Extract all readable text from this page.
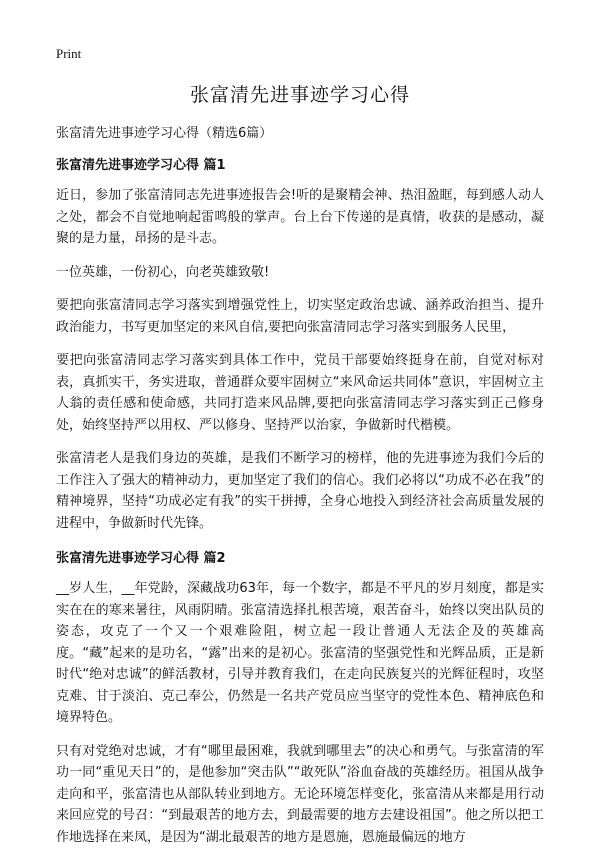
Print
张富清先进事迹学习心得
张富清先进事迹学习心得（精选6篇）
张富清先进事迹学习心得 篇1

近日，参加了张富清同志先进事迹报告会!听的是聚精会神、热泪盈眶，每到感人动人之处，都会不自觉地响起雷鸣般的掌声。台上台下传递的是真情，收获的是感动，凝聚的是力量，昂扬的是斗志。

一位英雄，一份初心，向老英雄致敬!

要把向张富清同志学习落实到增强党性上，切实坚定政治忠诚、涵养政治担当、提升政治能力，书写更加坚定的来风自信,要把向张富清同志学习落实到服务人民里，

要把向张富清同志学习落实到具体工作中，党员干部要始终挺身在前，自觉对标对表，真抓实干，务实进取，普通群众要牢固树立“来风命运共同体”意识，牢固树立主人翁的责任感和使命感，共同打造来风品牌,要把向张富清同志学习落实到正己修身处，始终坚持严以用权、严以修身、坚持严以治家，争做新时代楷模。

张富清老人是我们身边的英雄，是我们不断学习的榜样，他的先进事迹为我们今后的工作注入了强大的精神动力，更加坚定了我们的信心。我们必将以“功成不必在我”的精神境界，坚持“功成必定有我”的实干拼搏，全身心地投入到经济社会高质量发展的进程中，争做新时代先锋。

张富清先进事迹学习心得 篇2

__岁人生，__年党龄，深藏战功63年，每一个数字，都是不平凡的岁月刻度，都是实实在在的寒来暑往，风雨阴晴。张富清选择扎根苦境，艰苦奋斗，始终以突出队员的姿态，攻克了一个又一个艰难险阻，树立起一段让普通人无法企及的英雄高度。“藏”起来的是功名，“露”出来的是初心。张富清的坚强党性和光辉品质，正是新时代“绝对忠诚”的鲜活教材，引导并教育我们，在走向民族复兴的光辉征程时，攻坚克难、甘于淡泊、克己奉公，仍然是一名共产党员应当坚守的党性本色、精神底色和境界特色。

只有对党绝对忠诚，才有“哪里最困难，我就到哪里去”的决心和勇气。与张富清的军功一同“重见天日”的，是他参加“突击队”“敢死队”浴血奋战的英雄经历。祖国从战争走向和平，张富清也从部队转业到地方。无论环境怎样变化，张富清从来都是用行动来回应党的号召：“到最艰苦的地方去，到最需要的地方去建设祖国”。他之所以把工作地选择在来凤，是因为“湖北最艰苦的地方是恩施，恩施最偏远的地方
